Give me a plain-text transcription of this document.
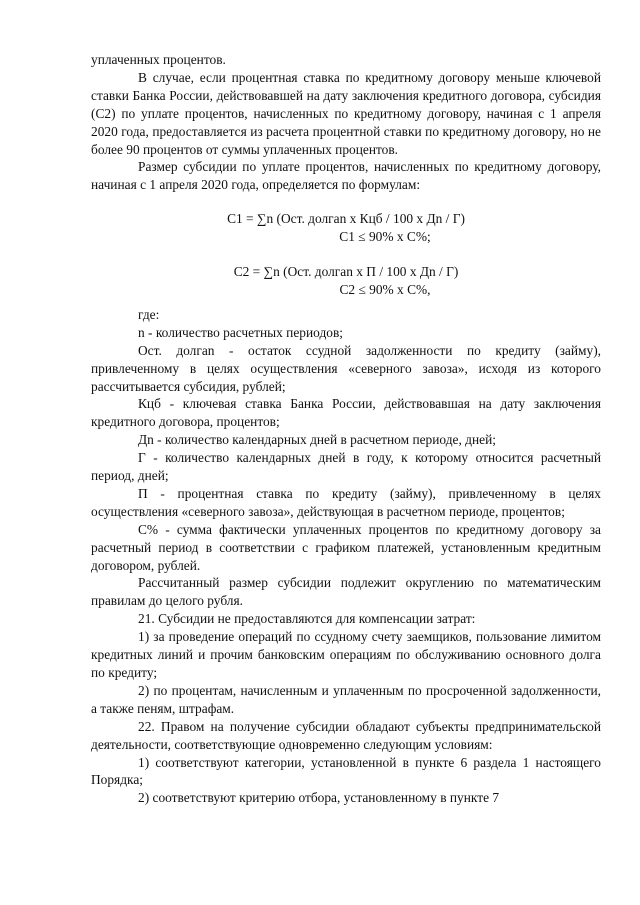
уплаченных процентов.

В случае, если процентная ставка по кредитному договору меньше ключевой ставки Банка России, действовавшей на дату заключения кредитного договора, субсидия (С2) по уплате процентов, начисленных по кредитному договору, начиная с 1 апреля 2020 года, предоставляется из расчета процентной ставки по кредитному договору, но не более 90 процентов от суммы уплаченных процентов.

Размер субсидии по уплате процентов, начисленных по кредитному договору, начиная с 1 апреля 2020 года, определяется по формулам:

С1 = ∑n (Ост. долгаn х Кцб / 100 х Дn / Г)
С1 ≤ 90% х С%;
С2 = ∑n (Ост. долгаn х П / 100 х Дn / Г)
С2 ≤ 90% х С%,

где:

n - количество расчетных периодов;

Ост. долгаn - остаток ссудной задолженности по кредиту (займу), привлеченному в целях осуществления «северного завоза», исходя из которого рассчитывается субсидия, рублей;

Кцб - ключевая ставка Банка России, действовавшая на дату заключения кредитного договора, процентов;

Дn - количество календарных дней в расчетном периоде, дней;

Г - количество календарных дней в году, к которому относится расчетный период, дней;

П - процентная ставка по кредиту (займу), привлеченному в целях осуществления «северного завоза», действующая в расчетном периоде, процентов;

С% - сумма фактически уплаченных процентов по кредитному договору за расчетный период в соответствии с графиком платежей, установленным кредитным договором, рублей.

Рассчитанный размер субсидии подлежит округлению по математическим правилам до целого рубля.

21. Субсидии не предоставляются для компенсации затрат:

1) за проведение операций по ссудному счету заемщиков, пользование лимитом кредитных линий и прочим банковским операциям по обслуживанию основного долга по кредиту;

2) по процентам, начисленным и уплаченным по просроченной задолженности, а также пеням, штрафам.

22. Правом на получение субсидии обладают субъекты предпринимательской деятельности, соответствующие одновременно следующим условиям:

1) соответствуют категории, установленной в пункте 6 раздела 1 настоящего Порядка;

2) соответствуют критерию отбора, установленному в пункте 7
